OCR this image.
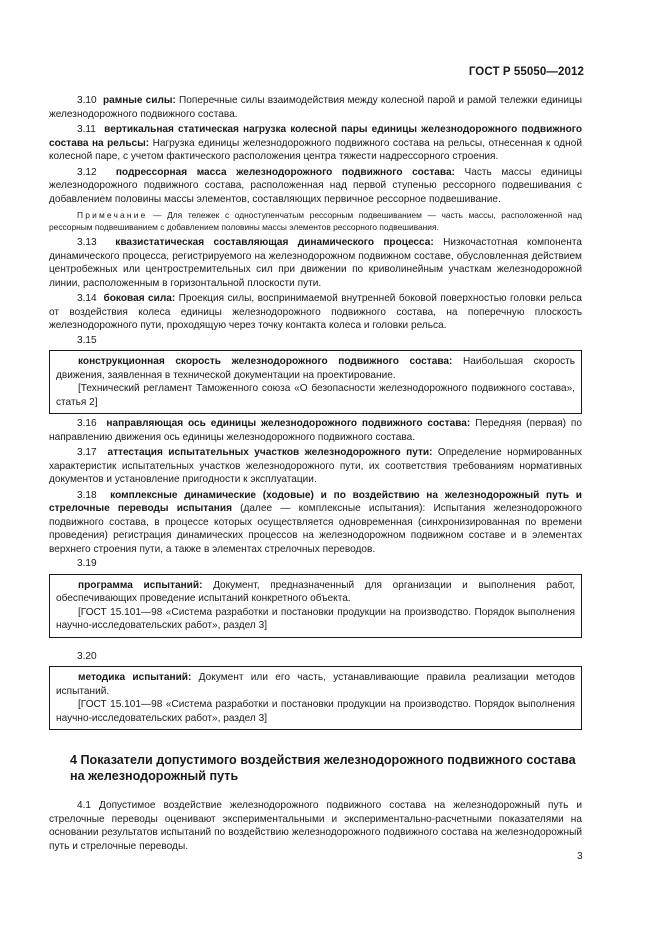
ГОСТ Р 55050—2012

3.10 рамные силы: Поперечные силы взаимодействия между колесной парой и рамой тележки единицы железнодорожного подвижного состава.

3.11 вертикальная статическая нагрузка колесной пары единицы железнодорожного подвижного состава на рельсы: Нагрузка единицы железнодорожного подвижного состава на рельсы, отнесенная к одной колесной паре, с учетом фактического расположения центра тяжести надрессорного строения.

3.12 подрессорная масса железнодорожного подвижного состава: Часть массы единицы железнодорожного подвижного состава, расположенная над первой ступенью рессорного подвешивания с добавлением половины массы элементов, составляющих первичное рессорное подвешивание.

Примечание — Для тележек с одноступенчатым рессорным подвешиванием — часть массы, расположенной над рессорным подвешиванием с добавлением половины массы элементов рессорного подвешивания.

3.13 квазистатическая составляющая динамического процесса: Низкочастотная компонента динамического процесса, регистрируемого на железнодорожном подвижном составе, обусловленная действием центробежных или центростремительных сил при движении по криволинейным участкам железнодорожной линии, расположенным в горизонтальной плоскости пути.

3.14 боковая сила: Проекция силы, воспринимаемой внутренней боковой поверхностью головки рельса от воздействия колеса единицы железнодорожного подвижного состава, на поперечную плоскость железнодорожного пути, проходящую через точку контакта колеса и головки рельса.

3.15

конструкционная скорость железнодорожного подвижного состава: Наибольшая скорость движения, заявленная в технической документации на проектирование.

[Технический регламент Таможенного союза «О безопасности железнодорожного подвижного состава», статья 2]

3.16 направляющая ось единицы железнодорожного подвижного состава: Передняя (первая) по направлению движения ось единицы железнодорожного подвижного состава.

3.17 аттестация испытательных участков железнодорожного пути: Определение нормированных характеристик испытательных участков железнодорожного пути, их соответствия требованиям нормативных документов и установление пригодности к эксплуатации.

3.18 комплексные динамические (ходовые) и по воздействию на железнодорожный путь и стрелочные переводы испытания (далее — комплексные испытания): Испытания железнодорожного подвижного состава, в процессе которых осуществляется одновременная (синхронизированная по времени проведения) регистрация динамических процессов на железнодорожном подвижном составе и в элементах верхнего строения пути, а также в элементах стрелочных переводов.

3.19

программа испытаний: Документ, предназначенный для организации и выполнения работ, обеспечивающих проведение испытаний конкретного объекта.

[ГОСТ 15.101—98 «Система разработки и постановки продукции на производство. Порядок выполнения научно-исследовательских работ», раздел 3]

3.20

методика испытаний: Документ или его часть, устанавливающие правила реализации методов испытаний.

[ГОСТ 15.101—98 «Система разработки и постановки продукции на производство. Порядок выполнения научно-исследовательских работ», раздел 3]

4 Показатели допустимого воздействия железнодорожного подвижного состава на железнодорожный путь

4.1 Допустимое воздействие железнодорожного подвижного состава на железнодорожный путь и стрелочные переводы оценивают экспериментальными и экспериментально-расчетными показателями на основании результатов испытаний по воздействию железнодорожного подвижного состава на железнодорожный путь и стрелочные переводы.

3
